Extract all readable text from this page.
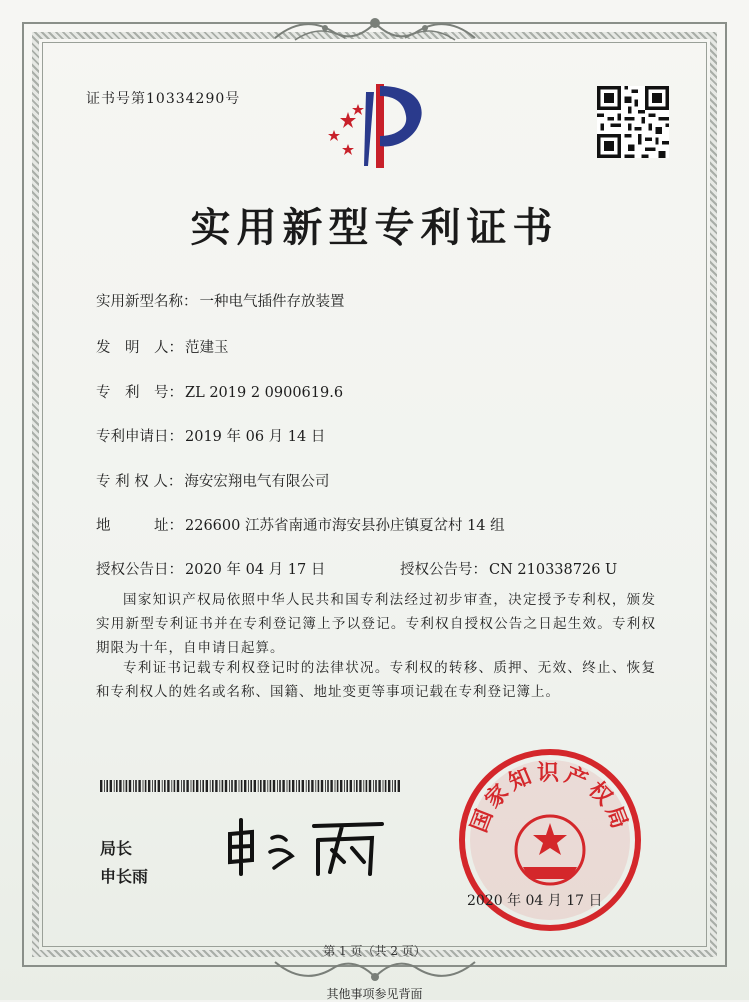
证书号第10334290号
实用新型专利证书
实用新型名称： 一种电气插件存放装置
发　明　人： 范建玉
专　利　号： ZL 2019 2 0900619.6
专利申请日： 2019 年 06 月 14 日
专 利 权 人： 海安宏翔电气有限公司
地　　　址： 226600 江苏省南通市海安县孙庄镇夏岔村 14 组
授权公告日： 2020 年 04 月 17 日	授权公告号： CN 210338726 U
国家知识产权局依照中华人民共和国专利法经过初步审查，决定授予专利权，颁发实用新型专利证书并在专利登记簿上予以登记。专利权自授权公告之日起生效。专利权期限为十年，自申请日起算。
专利证书记载专利权登记时的法律状况。专利权的转移、质押、无效、终止、恢复和专利权人的姓名或名称、国籍、地址变更等事项记载在专利登记簿上。
局长
申长雨
国家知识产权局
2020 年 04 月 17 日
第 1 页（共 2 页）
其他事项参见背面
